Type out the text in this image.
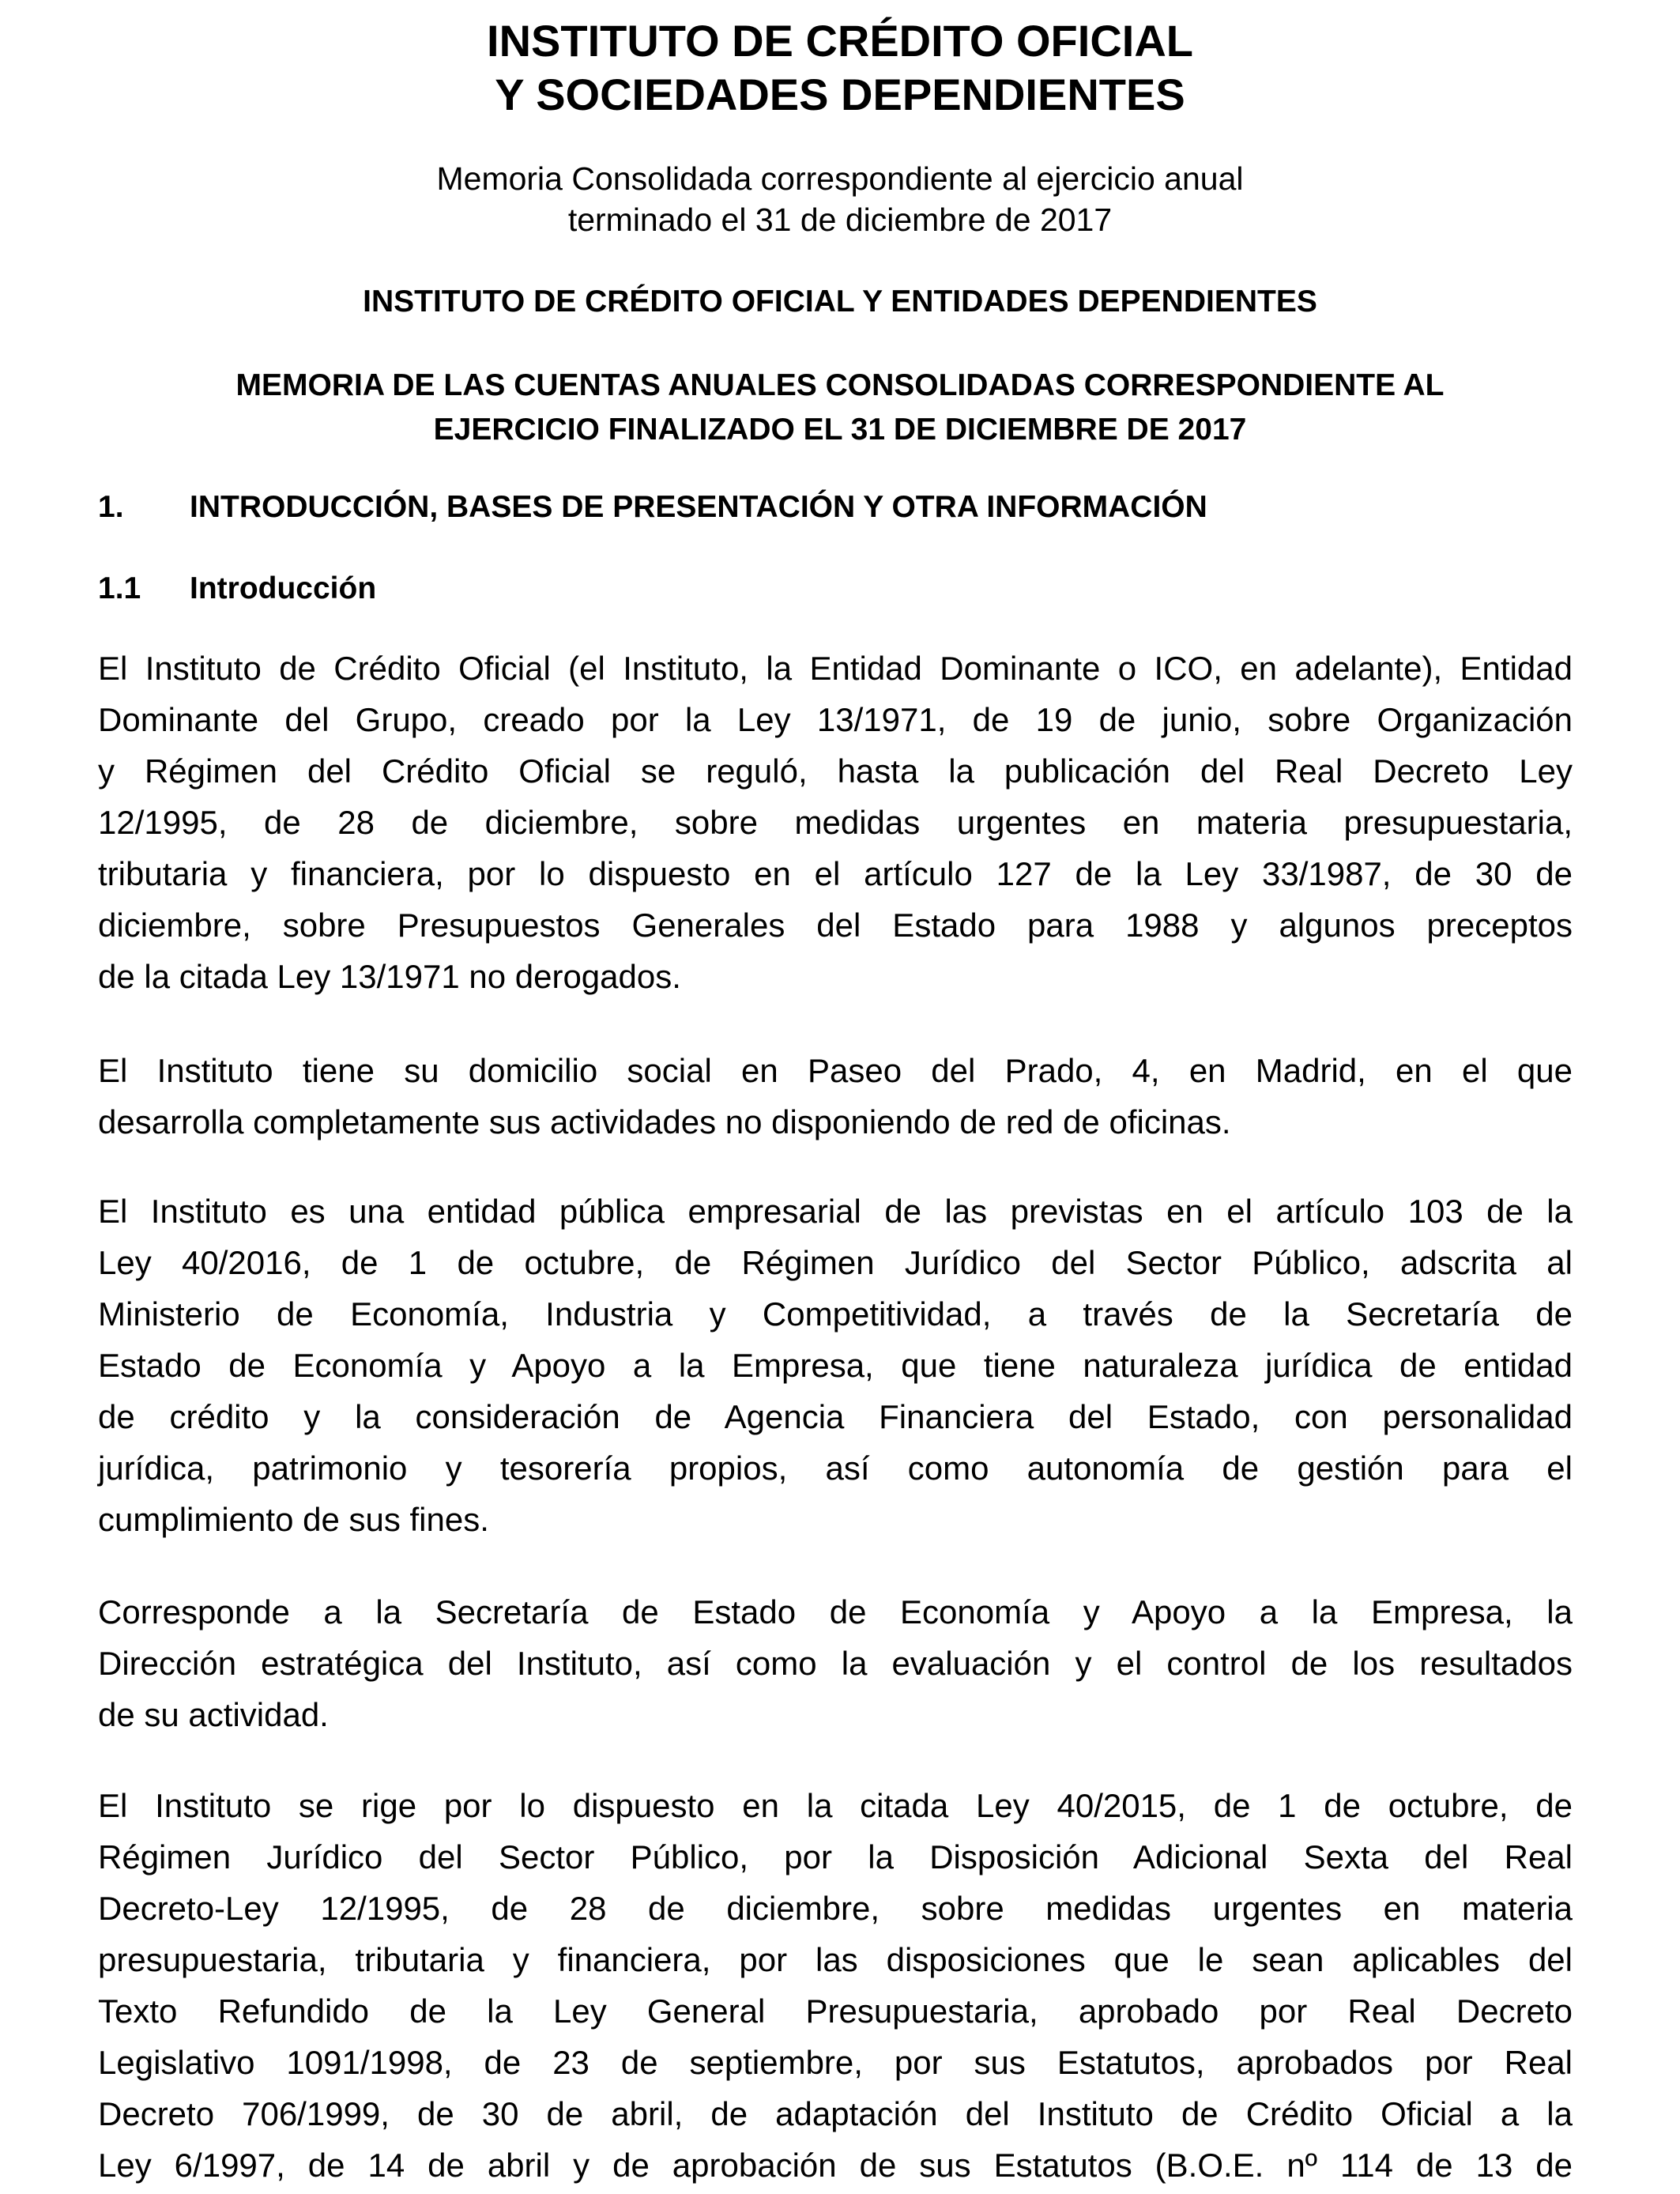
INSTITUTO DE CRÉDITO OFICIAL
Y SOCIEDADES DEPENDIENTES
Memoria Consolidada correspondiente al ejercicio anual
terminado el 31 de diciembre de 2017
INSTITUTO DE CRÉDITO OFICIAL Y ENTIDADES DEPENDIENTES
MEMORIA DE LAS CUENTAS ANUALES CONSOLIDADAS CORRESPONDIENTE AL
EJERCICIO FINALIZADO EL 31 DE DICIEMBRE DE 2017
1. INTRODUCCIÓN, BASES DE PRESENTACIÓN Y OTRA INFORMACIÓN
1.1 Introducción
El Instituto de Crédito Oficial (el Instituto, la Entidad Dominante o ICO, en adelante), Entidad
Dominante del Grupo, creado por la Ley 13/1971, de 19 de junio, sobre Organización
y Régimen del Crédito Oficial se reguló, hasta la publicación del Real Decreto Ley
12/1995, de 28 de diciembre, sobre medidas urgentes en materia presupuestaria,
tributaria y financiera, por lo dispuesto en el artículo 127 de la Ley 33/1987, de 30 de
diciembre, sobre Presupuestos Generales del Estado para 1988 y algunos preceptos
de la citada Ley 13/1971 no derogados.
El Instituto tiene su domicilio social en Paseo del Prado, 4, en Madrid, en el que
desarrolla completamente sus actividades no disponiendo de red de oficinas.
El Instituto es una entidad pública empresarial de las previstas en el artículo 103 de la
Ley 40/2016, de 1 de octubre, de Régimen Jurídico del Sector Público, adscrita al
Ministerio de Economía, Industria y Competitividad, a través de la Secretaría de
Estado de Economía y Apoyo a la Empresa, que tiene naturaleza jurídica de entidad
de crédito y la consideración de Agencia Financiera del Estado, con personalidad
jurídica, patrimonio y tesorería propios, así como autonomía de gestión para el
cumplimiento de sus fines.
Corresponde a la Secretaría de Estado de Economía y Apoyo a la Empresa, la
Dirección estratégica del Instituto, así como la evaluación y el control de los resultados
de su actividad.
El Instituto se rige por lo dispuesto en la citada Ley 40/2015, de 1 de octubre, de
Régimen Jurídico del Sector Público, por la Disposición Adicional Sexta del Real
Decreto-Ley 12/1995, de 28 de diciembre, sobre medidas urgentes en materia
presupuestaria, tributaria y financiera, por las disposiciones que le sean aplicables del
Texto Refundido de la Ley General Presupuestaria, aprobado por Real Decreto
Legislativo 1091/1998, de 23 de septiembre, por sus Estatutos, aprobados por Real
Decreto 706/1999, de 30 de abril, de adaptación del Instituto de Crédito Oficial a la
Ley 6/1997, de 14 de abril y de aprobación de sus Estatutos (B.O.E. nº 114 de 13 de
